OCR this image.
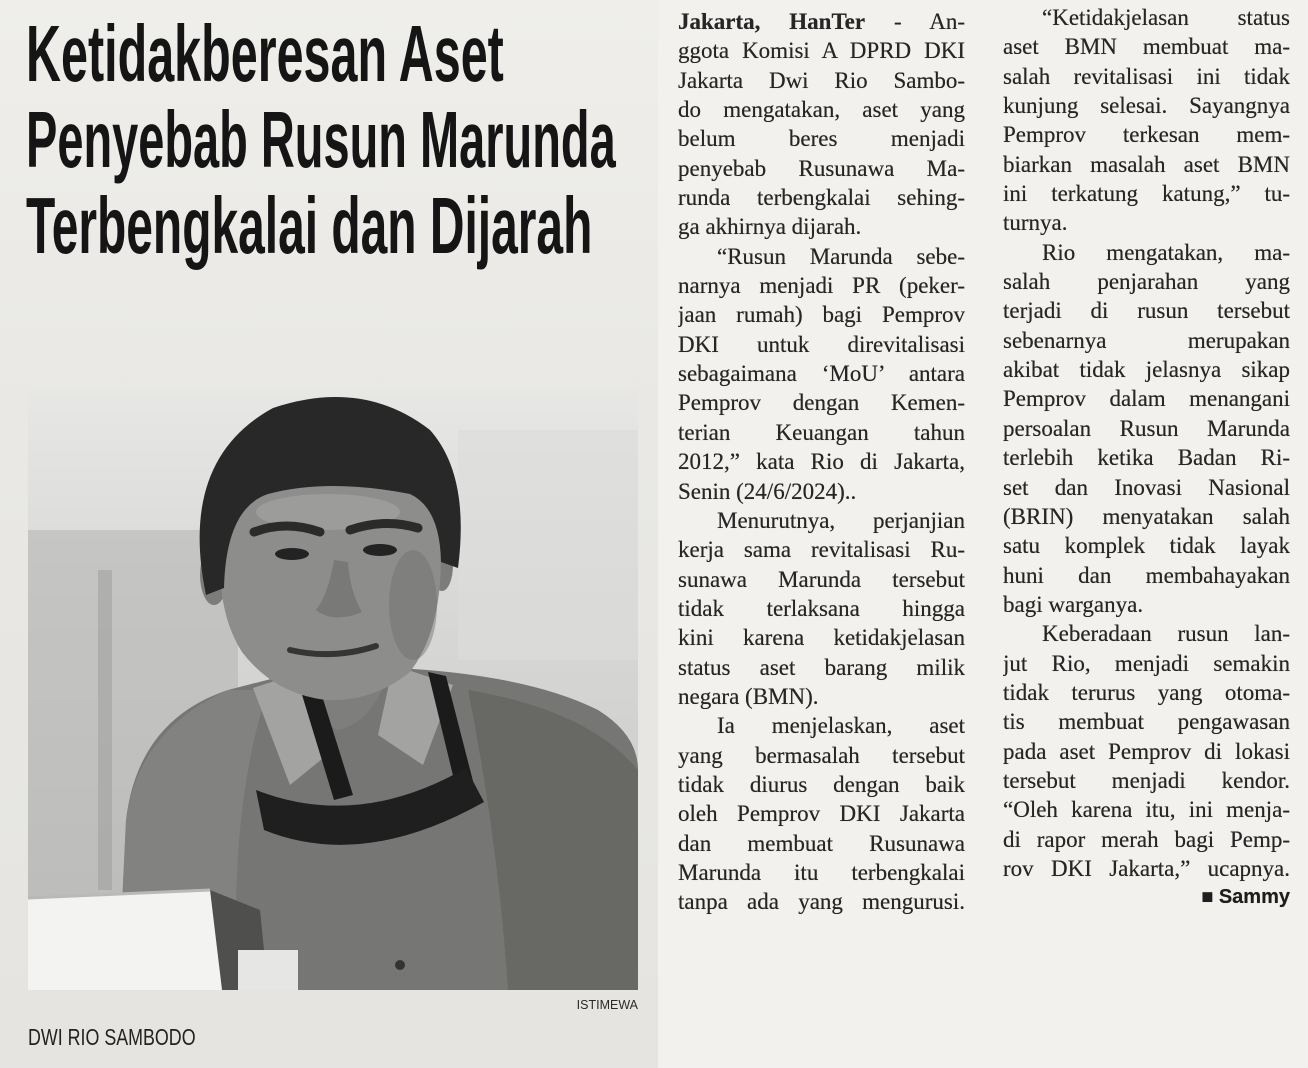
Ketidakberesan Aset
Penyebab Rusun Marunda
Terbengkalai dan Dijarah
ISTIMEWA
DWI RIO SAMBODO
Jakarta, HanTer - An-
ggota Komisi A DPRD DKI
Jakarta Dwi Rio Sambo-
do mengatakan, aset yang
belum beres menjadi
penyebab Rusunawa Ma-
runda terbengkalai sehing-
ga akhirnya dijarah.
“Rusun Marunda sebe-
narnya menjadi PR (peker-
jaan rumah) bagi Pemprov
DKI untuk direvitalisasi
sebagaimana ‘MoU’ antara
Pemprov dengan Kemen-
terian Keuangan tahun
2012,” kata Rio di Jakarta,
Senin (24/6/2024)..
Menurutnya, perjanjian
kerja sama revitalisasi Ru-
sunawa Marunda tersebut
tidak terlaksana hingga
kini karena ketidakjelasan
status aset barang milik
negara (BMN).
Ia menjelaskan, aset
yang bermasalah tersebut
tidak diurus dengan baik
oleh Pemprov DKI Jakarta
dan membuat Rusunawa
Marunda itu terbengkalai
tanpa ada yang mengurusi.
“Ketidakjelasan status
aset BMN membuat ma-
salah revitalisasi ini tidak
kunjung selesai. Sayangnya
Pemprov terkesan mem-
biarkan masalah aset BMN
ini terkatung katung,” tu-
turnya.
Rio mengatakan, ma-
salah penjarahan yang
terjadi di rusun tersebut
sebenarnya merupakan
akibat tidak jelasnya sikap
Pemprov dalam menangani
persoalan Rusun Marunda
terlebih ketika Badan Ri-
set dan Inovasi Nasional
(BRIN) menyatakan salah
satu komplek tidak layak
huni dan membahayakan
bagi warganya.
Keberadaan rusun lan-
jut Rio, menjadi semakin
tidak terurus yang otoma-
tis membuat pengawasan
pada aset Pemprov di lokasi
tersebut menjadi kendor.
“Oleh karena itu, ini menja-
di rapor merah bagi Pemp-
rov DKI Jakarta,” ucapnya.
■ Sammy
